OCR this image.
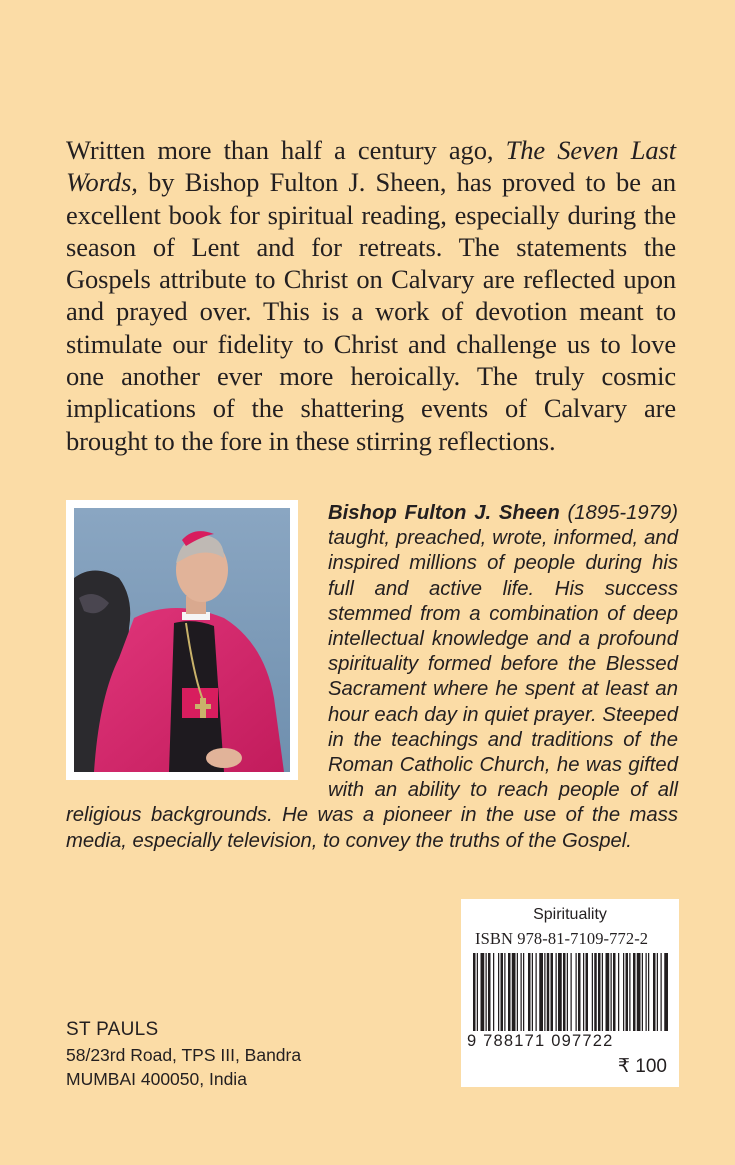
Written more than half a century ago, The Seven Last Words, by Bishop Fulton J. Sheen, has proved to be an excellent book for spiritual reading, especially during the season of Lent and for retreats. The statements the Gospels attribute to Christ on Calvary are reflected upon and prayed over. This is a work of devotion meant to stimulate our fidelity to Christ and challenge us to love one another ever more heroically. The truly cosmic implications of the shattering events of Calvary are brought to the fore in these stirring reflections.

Bishop Fulton J. Sheen (1895-1979) taught, preached, wrote, informed, and inspired millions of people during his full and active life. His success stemmed from a combination of deep intellectual knowledge and a profound spirituality formed before the Blessed Sacrament where he spent at least an hour each day in quiet prayer. Steeped in the teachings and traditions of the Roman Catholic Church, he was gifted with an ability to reach people of all religious backgrounds. He was a pioneer in the use of the mass media, especially television, to convey the truths of the Gospel.

ST PAULS
58/23rd Road, TPS III, Bandra
MUMBAI 400050, India
Spirituality
ISBN 978-81-7109-772-2
9 788171 097722
₹ 100
